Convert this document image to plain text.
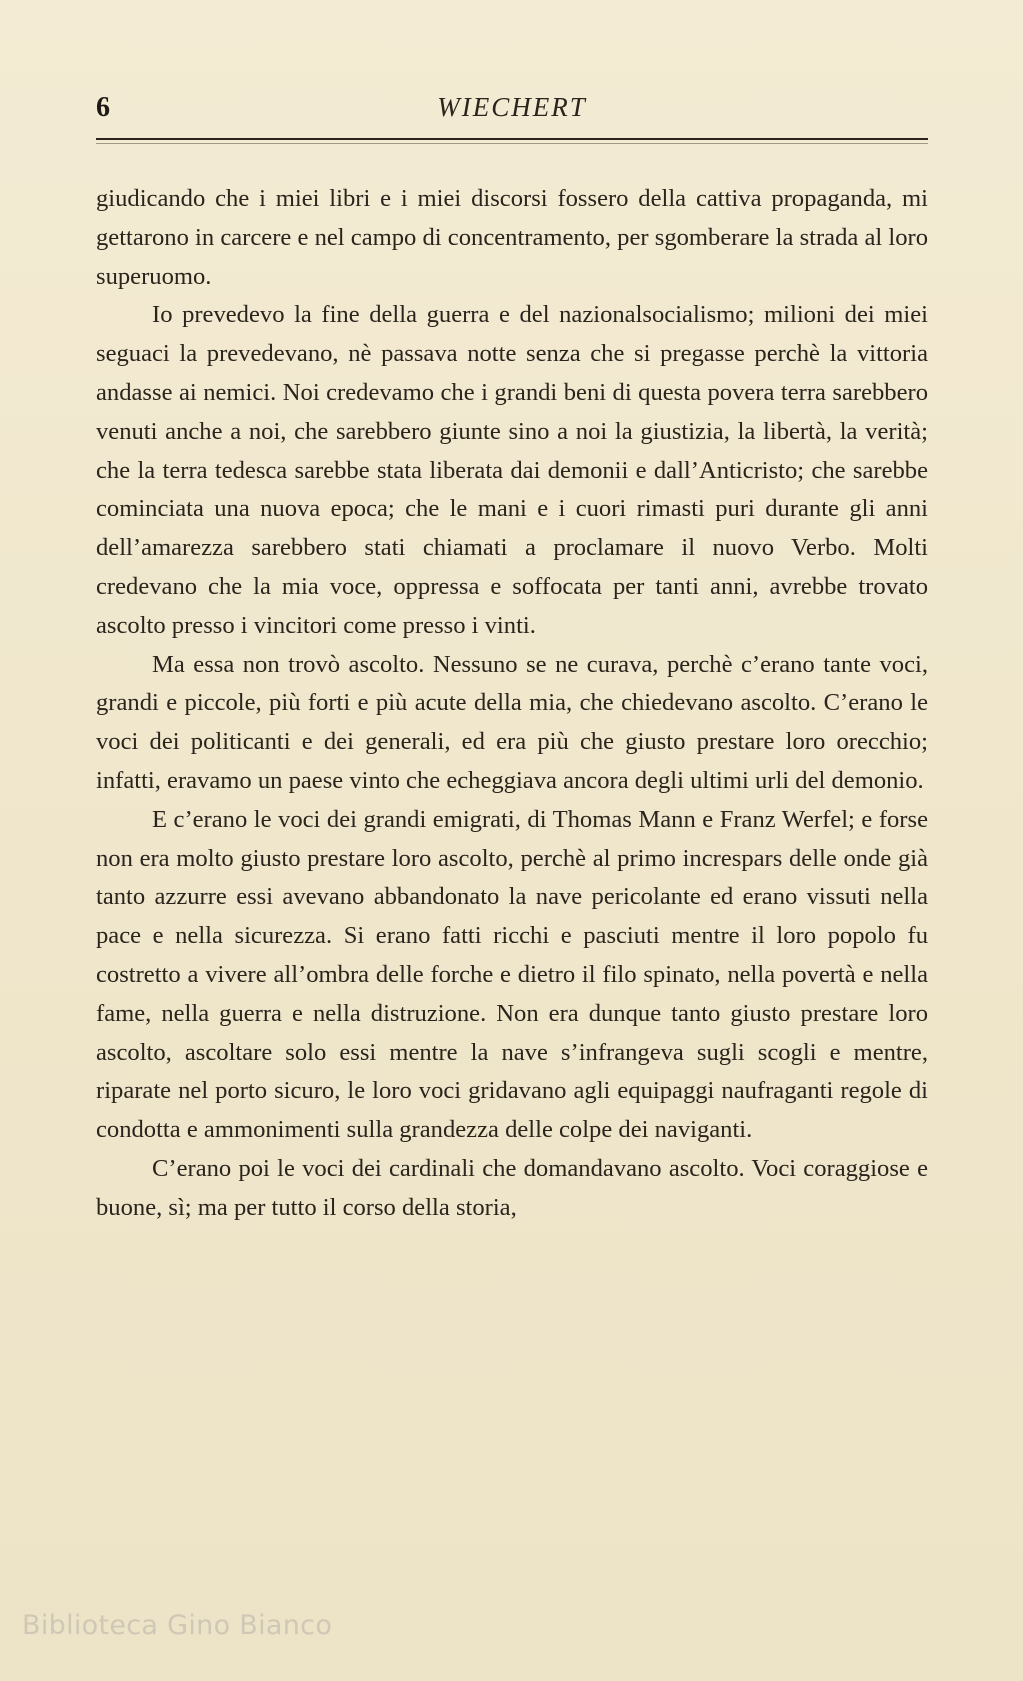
6	WIECHERT

giudicando che i miei libri e i miei discorsi fossero della cattiva propaganda, mi gettarono in carcere e nel campo di concentramento, per sgomberare la strada al loro superuomo.

Io prevedevo la fine della guerra e del nazionalsocialismo; milioni dei miei seguaci la prevedevano, nè passava notte senza che si pregasse perchè la vittoria andasse ai nemici. Noi credevamo che i grandi beni di questa povera terra sarebbero venuti anche a noi, che sarebbero giunte sino a noi la giustizia, la libertà, la verità; che la terra tedesca sarebbe stata liberata dai demonii e dall’Anticristo; che sarebbe cominciata una nuova epoca; che le mani e i cuori rimasti puri durante gli anni dell’amarezza sarebbero stati chiamati a proclamare il nuovo Verbo. Molti credevano che la mia voce, oppressa e soffocata per tanti anni, avrebbe trovato ascolto presso i vincitori come presso i vinti.

Ma essa non trovò ascolto. Nessuno se ne curava, perchè c’erano tante voci, grandi e piccole, più forti e più acute della mia, che chiedevano ascolto. C’erano le voci dei politicanti e dei generali, ed era più che giusto prestare loro orecchio; infatti, eravamo un paese vinto che echeggiava ancora degli ultimi urli del demonio.

E c’erano le voci dei grandi emigrati, di Thomas Mann e Franz Werfel; e forse non era molto giusto prestare loro ascolto, perchè al primo increspars delle onde già tanto azzurre essi avevano abbandonato la nave pericolante ed erano vissuti nella pace e nella sicurezza. Si erano fatti ricchi e pasciuti mentre il loro popolo fu costretto a vivere all’ombra delle forche e dietro il filo spinato, nella povertà e nella fame, nella guerra e nella distruzione. Non era dunque tanto giusto prestare loro ascolto, ascoltare solo essi mentre la nave s’infrangeva sugli scogli e mentre, riparate nel porto sicuro, le loro voci gridavano agli equipaggi naufraganti regole di condotta e ammonimenti sulla grandezza delle colpe dei naviganti.

C’erano poi le voci dei cardinali che domandavano ascolto. Voci coraggiose e buone, sì; ma per tutto il corso della storia,

Biblioteca Gino Bianco
